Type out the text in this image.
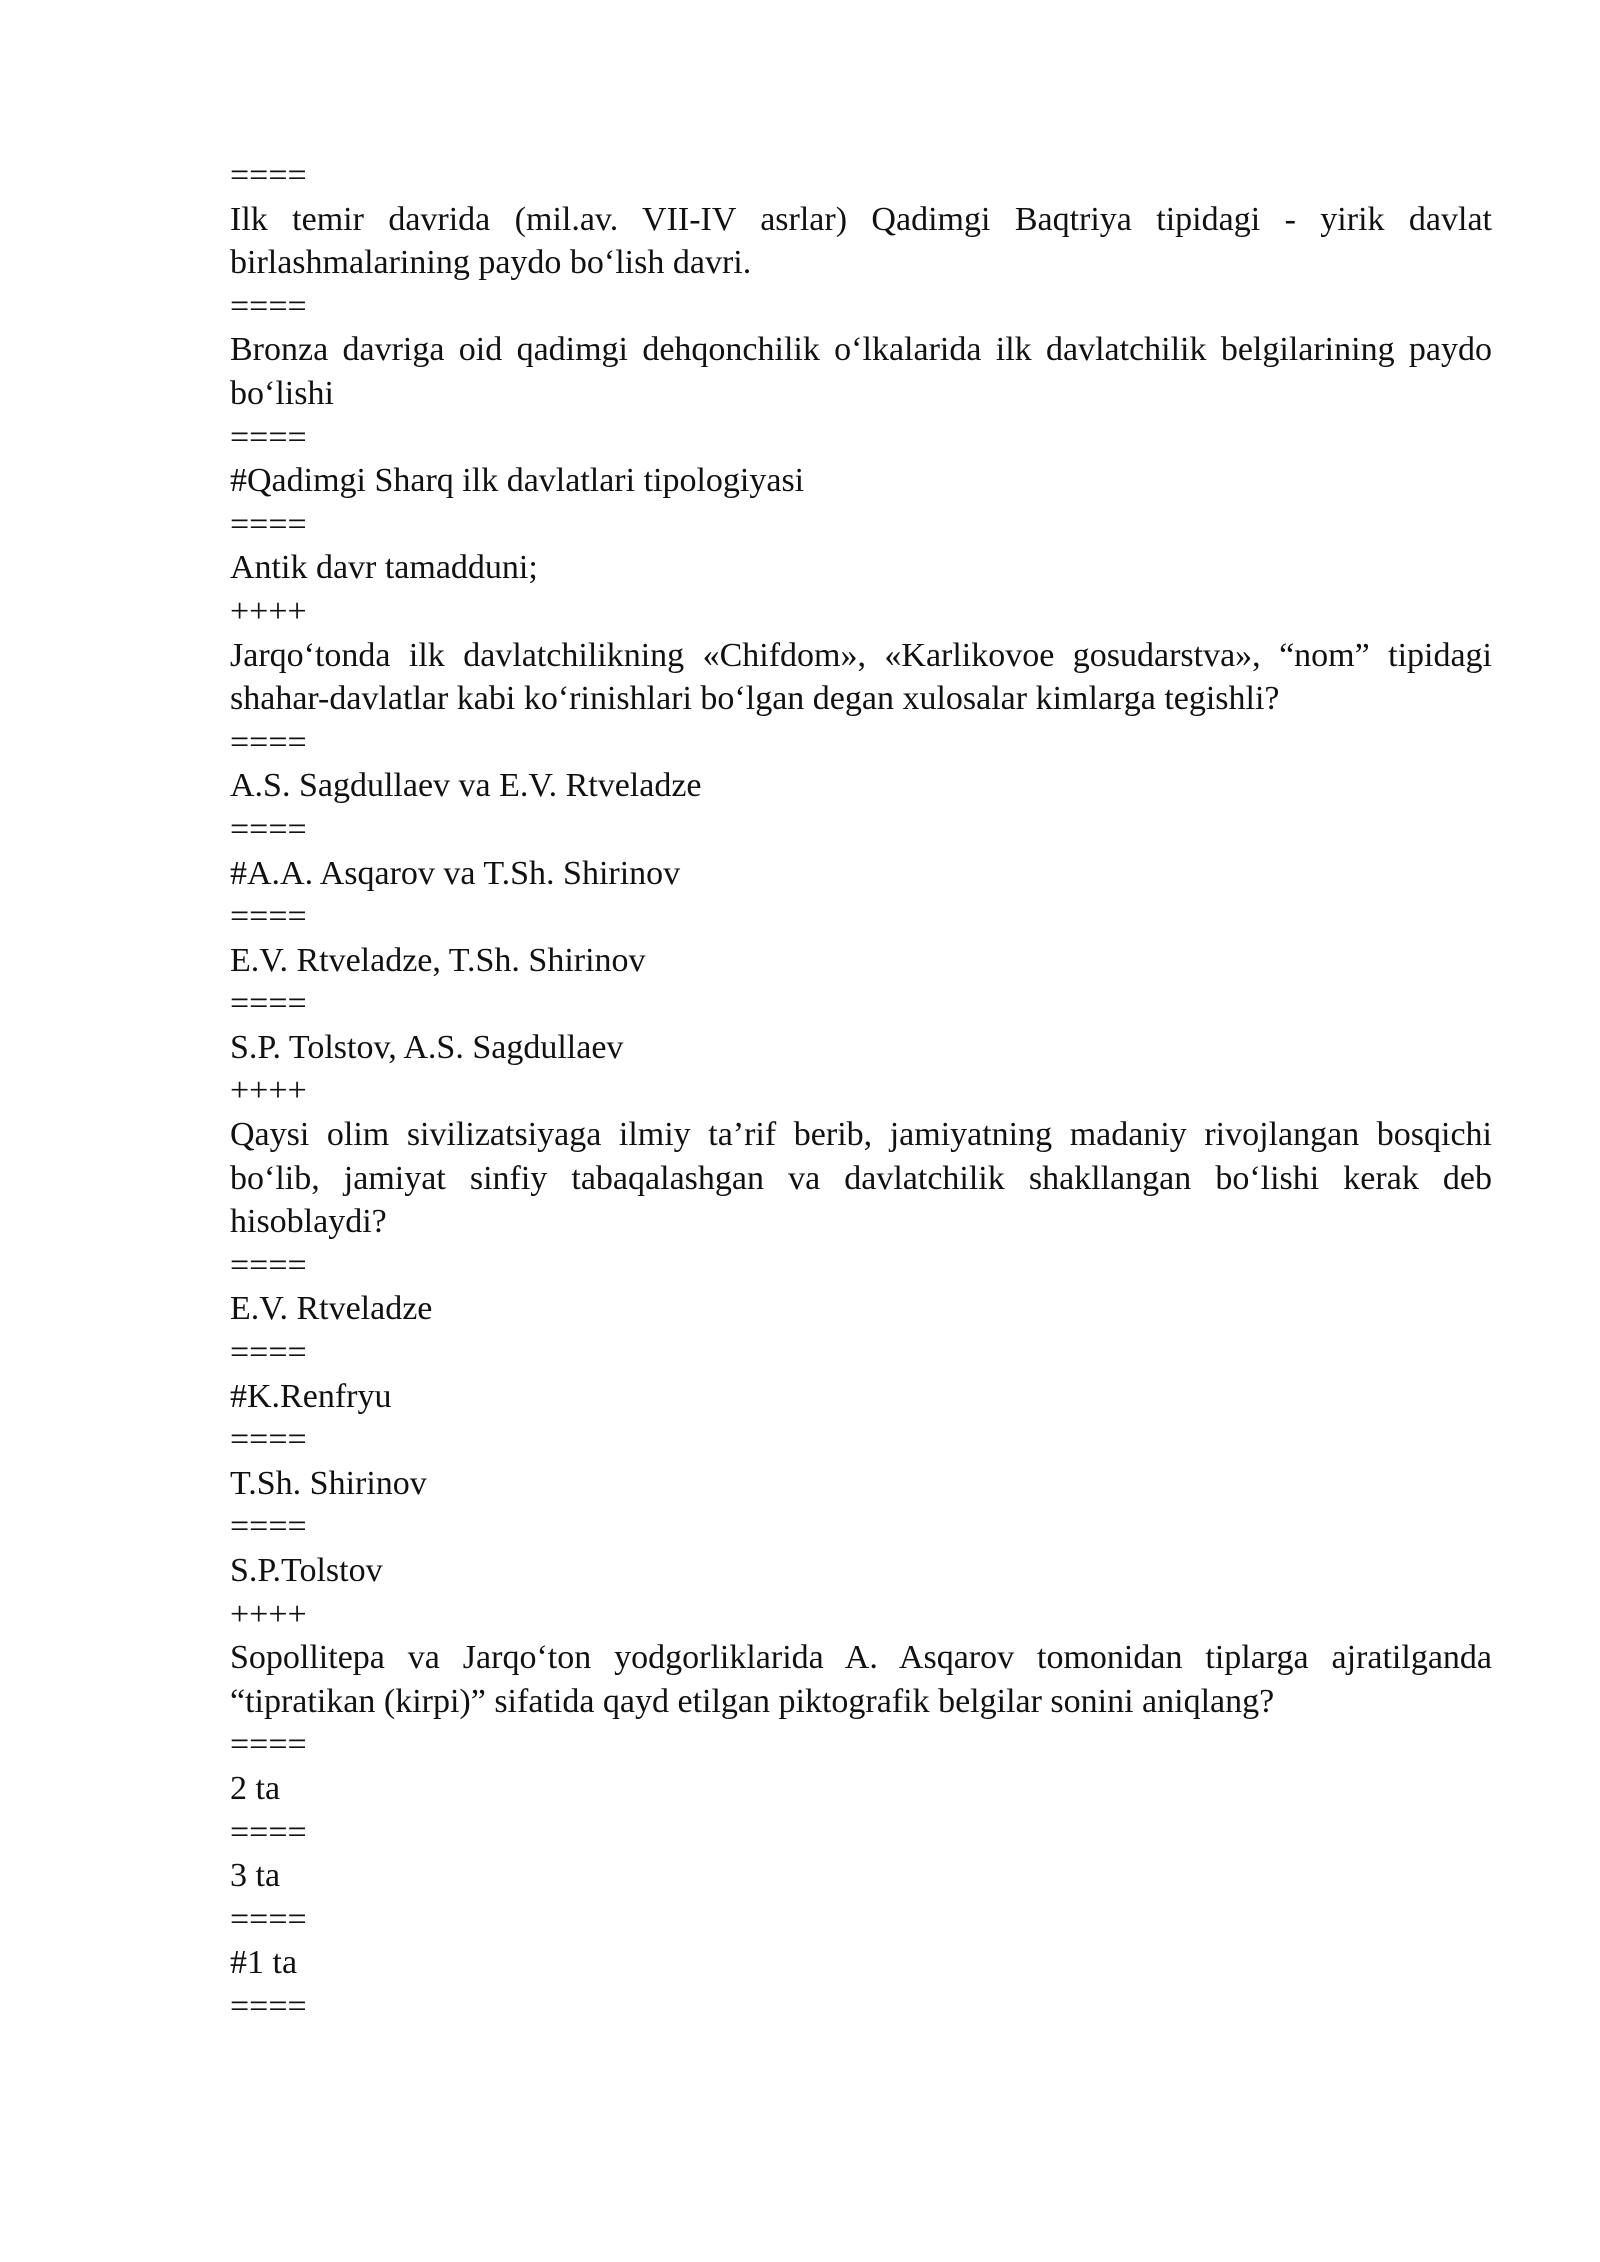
====
Ilk temir davrida (mil.av. VII-IV asrlar) Qadimgi Baqtriya tipidagi - yirik davlat birlashmalarining paydo bo‘lish davri.
====
Bronza davriga oid qadimgi dehqonchilik o‘lkalarida ilk davlatchilik belgilarining paydo bo‘lishi
====
#Qadimgi Sharq ilk davlatlari tipologiyasi
====
Antik davr tamadduni;
++++
Jarqo‘tonda ilk davlatchilikning «Chifdom», «Karlikovoe gosudarstva», “nom” tipidagi shahar-davlatlar kabi ko‘rinishlari bo‘lgan degan xulosalar kimlarga tegishli?
====
A.S. Sagdullaev va E.V. Rtveladze
====
#A.A. Asqarov va T.Sh. Shirinov
====
E.V. Rtveladze, T.Sh. Shirinov
====
S.P. Tolstov, A.S. Sagdullaev
++++
Qaysi olim sivilizatsiyaga ilmiy ta’rif berib, jamiyatning madaniy rivojlangan bosqichi bo‘lib, jamiyat sinfiy tabaqalashgan va davlatchilik shakllangan bo‘lishi kerak deb hisoblaydi?
====
E.V. Rtveladze
====
#K.Renfryu
====
T.Sh. Shirinov
====
S.P.Tolstov
++++
Sopollitepa va Jarqo‘ton yodgorliklarida A. Asqarov tomonidan tiplarga ajratilganda “tipratikan (kirpi)” sifatida qayd etilgan piktografik belgilar sonini aniqlang?
====
2 ta
====
3 ta
====
#1 ta
====
